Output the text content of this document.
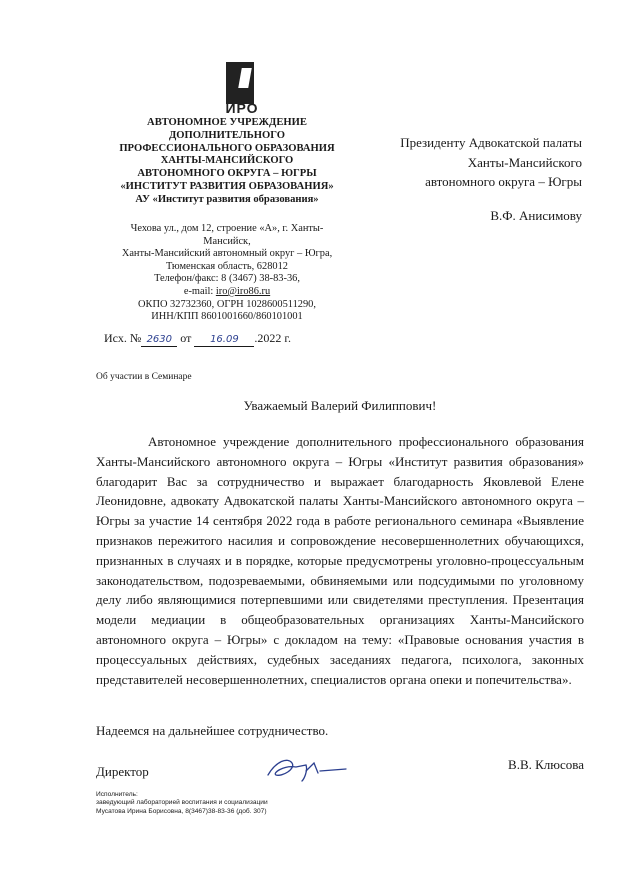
ИРО
АВТОНОМНОЕ УЧРЕЖДЕНИЕ
ДОПОЛНИТЕЛЬНОГО
ПРОФЕССИОНАЛЬНОГО ОБРАЗОВАНИЯ
ХАНТЫ-МАНСИЙСКОГО
АВТОНОМНОГО ОКРУГА – ЮГРЫ
«ИНСТИТУТ РАЗВИТИЯ ОБРАЗОВАНИЯ»
АУ «Институт развития образования»
Чехова ул., дом 12, строение «А», г. Ханты-
Мансийск,
Ханты-Мансийский автономный округ – Югра,
Тюменская область, 628012
Телефон/факс: 8 (3467) 38-83-36,
e-mail: iro@iro86.ru
ОКПО 32732360, ОГРН 1028600511290,
ИНН/КПП 8601001660/860101001
Исх. № 2630 от 16.09 .2022 г.
Президенту Адвокатской палаты
Ханты-Мансийского
автономного округа – Югры
В.Ф. Анисимову
Об участии в Семинаре
Уважаемый Валерий Филиппович!

Автономное учреждение дополнительного профессионального образования Ханты-Мансийского автономного округа – Югры «Институт развития образования» благодарит Вас за сотрудничество и выражает благодарность Яковлевой Елене Леонидовне, адвокату Адвокатской палаты Ханты-Мансийского автономного округа – Югры за участие 14 сентября 2022 года в работе регионального семинара «Выявление признаков пережитого насилия и сопровождение несовершеннолетних обучающихся, признанных в случаях и в порядке, которые предусмотрены уголовно-процессуальным законодательством, подозреваемыми, обвиняемыми или подсудимыми по уголовному делу либо являющимися потерпевшими или свидетелями преступления. Презентация модели медиации в общеобразовательных организациях Ханты-Мансийского автономного округа – Югры» с докладом на тему: «Правовые основания участия в процессуальных действиях, судебных заседаниях педагога, психолога, законных представителей несовершеннолетних, специалистов органа опеки и попечительства».

Надеемся на дальнейшее сотрудничество.
Директор	В.В. Клюсова
Исполнитель:
заведующий лабораторией воспитания и социализации
Мусатова Ирина Борисовна, 8(3467)38-83-36 (доб. 307)
